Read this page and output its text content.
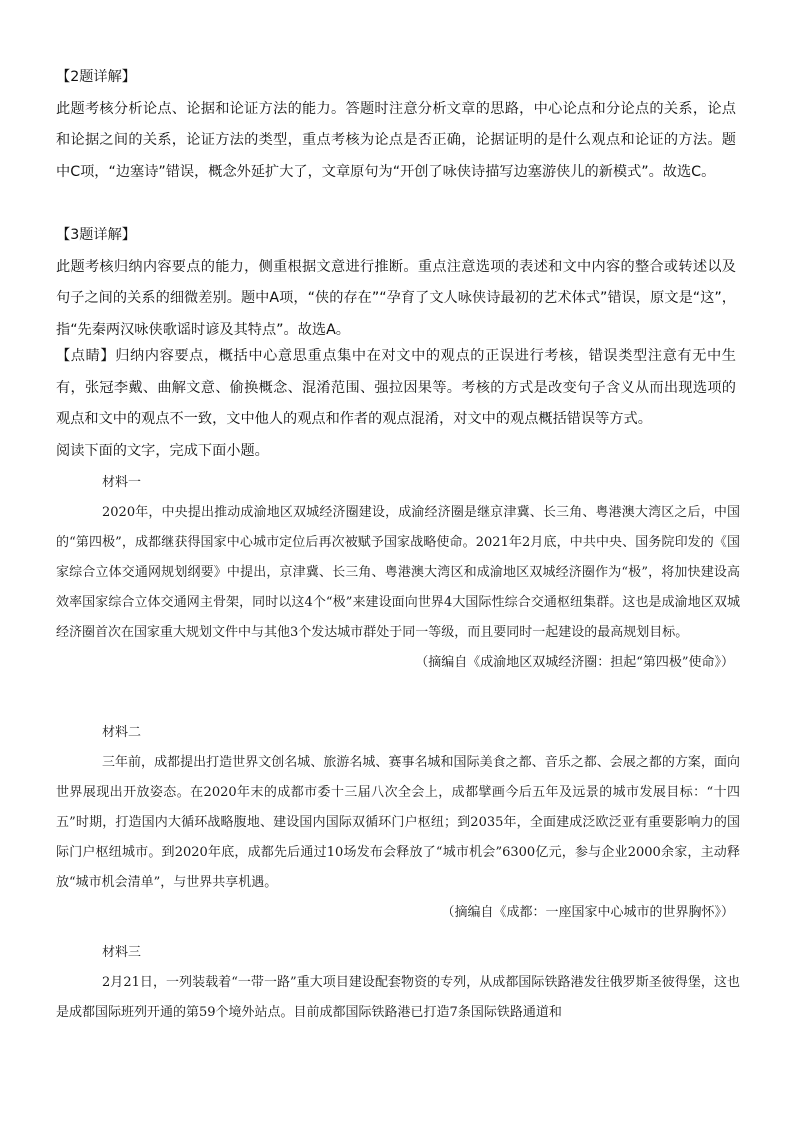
【2题详解】

此题考核分析论点、论据和论证方法的能力。答题时注意分析文章的思路，中心论点和分论点的关系，论点和论据之间的关系，论证方法的类型，重点考核为论点是否正确，论据证明的是什么观点和论证的方法。题中C项，“边塞诗”错误，概念外延扩大了，文章原句为“开创了咏侠诗描写边塞游侠儿的新模式”。故选C。

【3题详解】

此题考核归纳内容要点的能力，侧重根据文意进行推断。重点注意选项的表述和文中内容的整合或转述以及句子之间的关系的细微差别。题中A项，“侠的存在”“孕育了文人咏侠诗最初的艺术体式”错误，原文是“这”，指“先秦两汉咏侠歌谣时谚及其特点”。故选A。

【点睛】归纳内容要点，概括中心意思重点集中在对文中的观点的正误进行考核，错误类型注意有无中生有，张冠李戴、曲解文意、偷换概念、混淆范围、强拉因果等。考核的方式是改变句子含义从而出现选项的观点和文中的观点不一致，文中他人的观点和作者的观点混淆，对文中的观点概括错误等方式。

阅读下面的文字，完成下面小题。

材料一

2020年，中央提出推动成渝地区双城经济圈建设，成渝经济圈是继京津冀、长三角、粤港澳大湾区之后，中国的“第四极”，成都继获得国家中心城市定位后再次被赋予国家战略使命。2021年2月底，中共中央、国务院印发的《国家综合立体交通网规划纲要》中提出，京津冀、长三角、粤港澳大湾区和成渝地区双城经济圈作为“极”，将加快建设高效率国家综合立体交通网主骨架，同时以这4个“极”来建设面向世界4大国际性综合交通枢纽集群。这也是成渝地区双城经济圈首次在国家重大规划文件中与其他3个发达城市群处于同一等级，而且要同时一起建设的最高规划目标。

（摘编自《成渝地区双城经济圈：担起“第四极”使命》）

材料二

三年前，成都提出打造世界文创名城、旅游名城、赛事名城和国际美食之都、音乐之都、会展之都的方案，面向世界展现出开放姿态。在2020年末的成都市委十三届八次全会上，成都擘画今后五年及远景的城市发展目标：“十四五”时期，打造国内大循环战略腹地、建设国内国际双循环门户枢纽；到2035年，全面建成泛欧泛亚有重要影响力的国际门户枢纽城市。到2020年底，成都先后通过10场发布会释放了“城市机会”6300亿元，参与企业2000余家，主动释放“城市机会清单”，与世界共享机遇。

（摘编自《成都：一座国家中心城市的世界胸怀》）

材料三

2月21日，一列装载着“一带一路”重大项目建设配套物资的专列，从成都国际铁路港发往俄罗斯圣彼得堡，这也是成都国际班列开通的第59个境外站点。目前成都国际铁路港已打造7条国际铁路通道和
